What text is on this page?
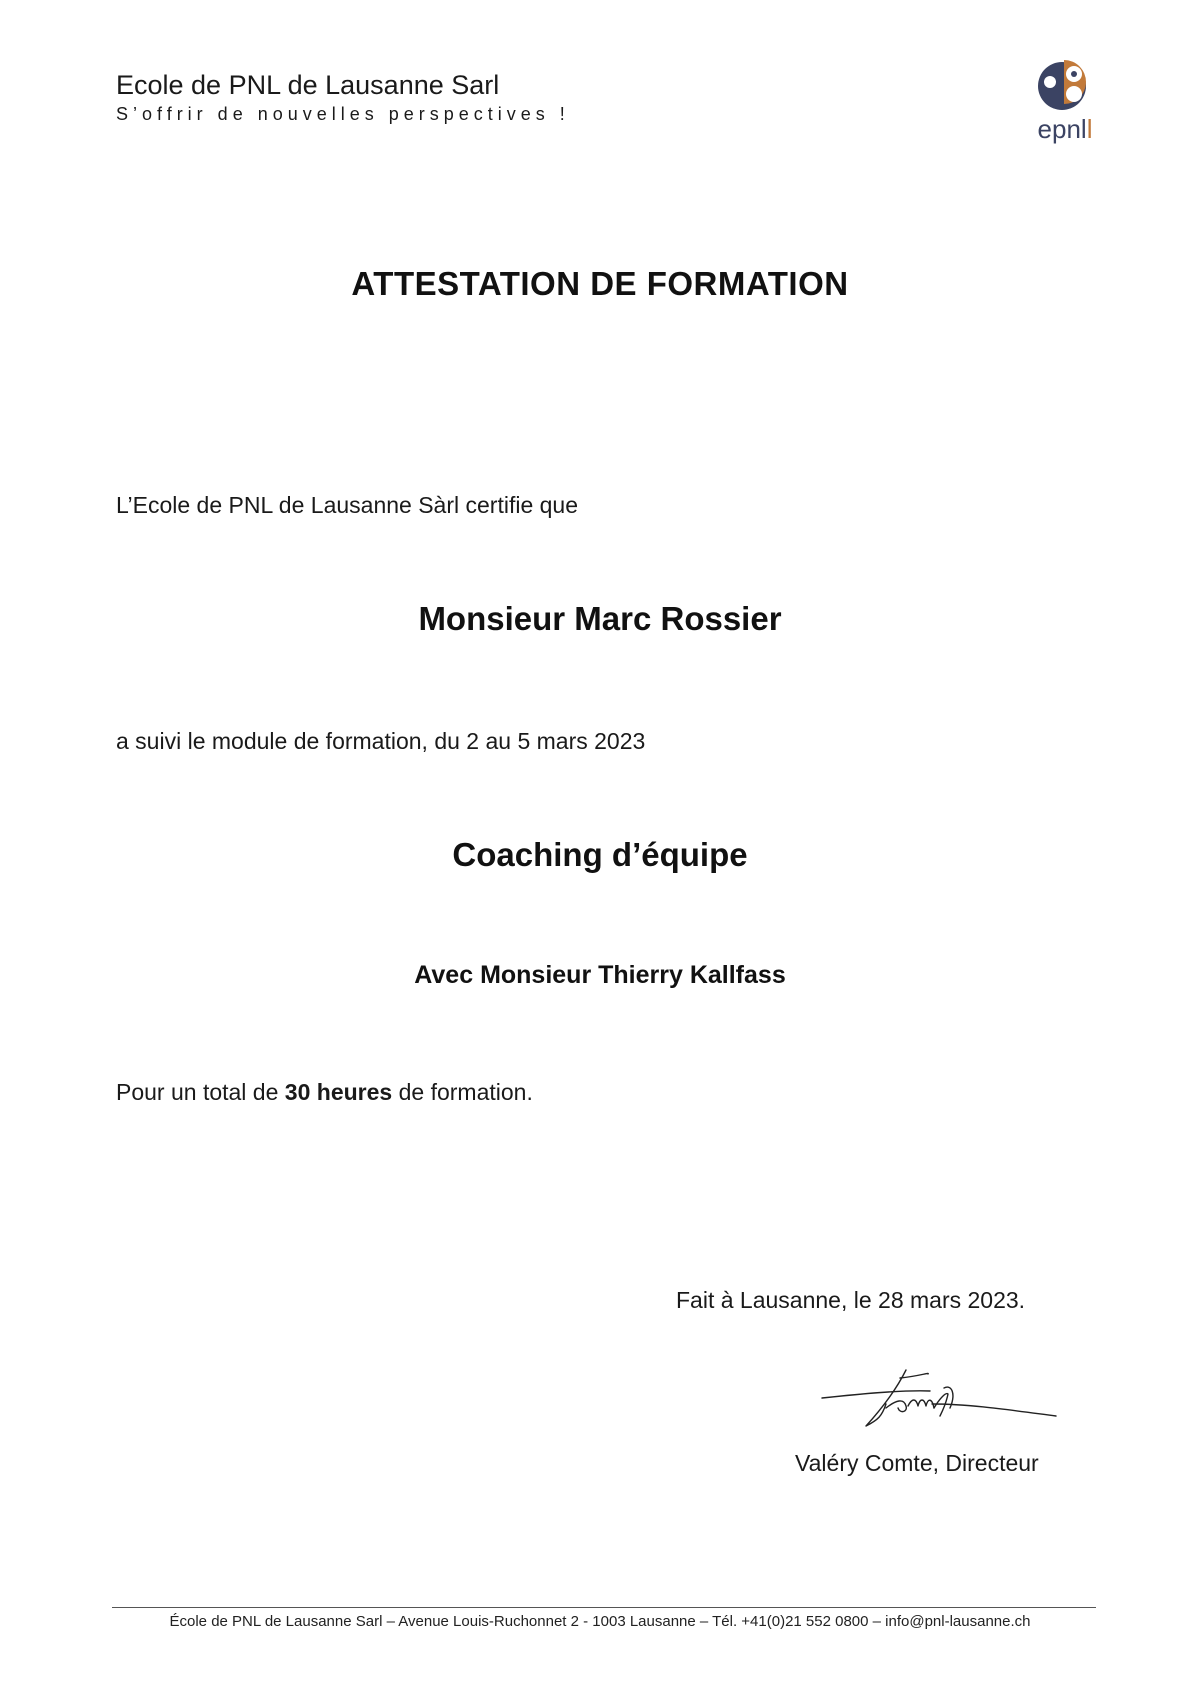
Ecole de PNL de Lausanne Sarl
S’offrir de nouvelles perspectives !	epnll
ATTESTATION DE FORMATION
L’Ecole de PNL de Lausanne Sàrl certifie que
Monsieur Marc Rossier
a suivi le module de formation, du 2 au 5 mars 2023
Coaching d’équipe
Avec Monsieur Thierry Kallfass
Pour un total de 30 heures de formation.
Fait à Lausanne, le 28 mars 2023.
Valéry Comte, Directeur
École de PNL de Lausanne Sarl – Avenue Louis-Ruchonnet 2 - 1003 Lausanne – Tél. +41(0)21 552 0800 – info@pnl-lausanne.ch
